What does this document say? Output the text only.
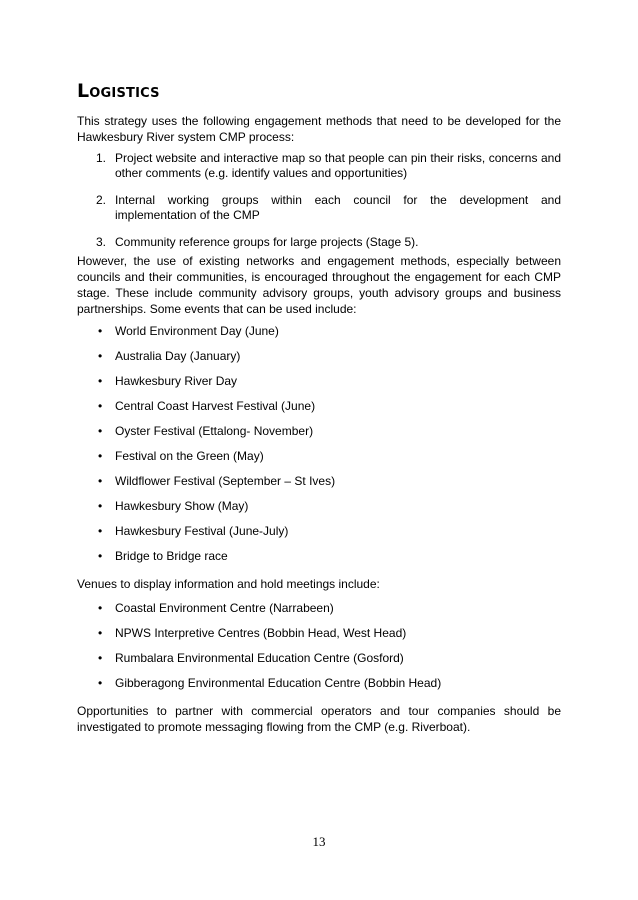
Logistics

This strategy uses the following engagement methods that need to be developed for the Hawkesbury River system CMP process:

1. Project website and interactive map so that people can pin their risks, concerns and other comments (e.g. identify values and opportunities)
2. Internal working groups within each council for the development and implementation of the CMP
3. Community reference groups for large projects (Stage 5).

However, the use of existing networks and engagement methods, especially between councils and their communities, is encouraged throughout the engagement for each CMP stage. These include community advisory groups, youth advisory groups and business partnerships. Some events that can be used include:

• World Environment Day (June)
• Australia Day (January)
• Hawkesbury River Day
• Central Coast Harvest Festival (June)
• Oyster Festival (Ettalong- November)
• Festival on the Green (May)
• Wildflower Festival (September – St Ives)
• Hawkesbury Show (May)
• Hawkesbury Festival (June-July)
• Bridge to Bridge race

Venues to display information and hold meetings include:

• Coastal Environment Centre (Narrabeen)
• NPWS Interpretive Centres (Bobbin Head, West Head)
• Rumbalara Environmental Education Centre (Gosford)
• Gibberagong Environmental Education Centre (Bobbin Head)

Opportunities to partner with commercial operators and tour companies should be investigated to promote messaging flowing from the CMP (e.g. Riverboat).

13
